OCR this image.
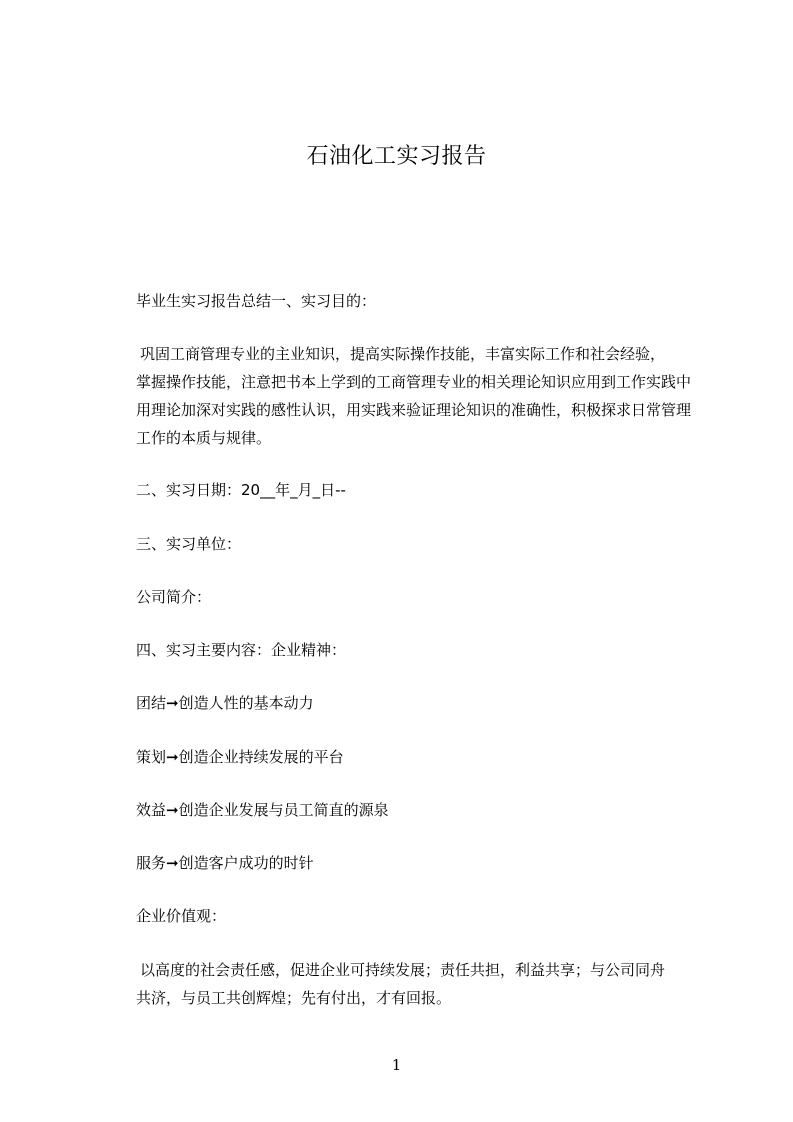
石油化工实习报告
毕业生实习报告总结一、实习目的：
巩固工商管理专业的主业知识，提高实际操作技能，丰富实际工作和社会经验，
掌握操作技能，注意把书本上学到的工商管理专业的相关理论知识应用到工作实践中
用理论加深对实践的感性认识，用实践来验证理论知识的准确性，积极探求日常管理
工作的本质与规律。
二、实习日期：20__年_月_日--
三、实习单位：
公司简介：
四、实习主要内容：企业精神：
团结➞创造人性的基本动力
策划➞创造企业持续发展的平台
效益➞创造企业发展与员工简直的源泉
服务➞创造客户成功的时针
企业价值观：
以高度的社会责任感，促进企业可持续发展；责任共担，利益共享；与公司同舟
共济，与员工共创辉煌；先有付出，才有回报。
1
